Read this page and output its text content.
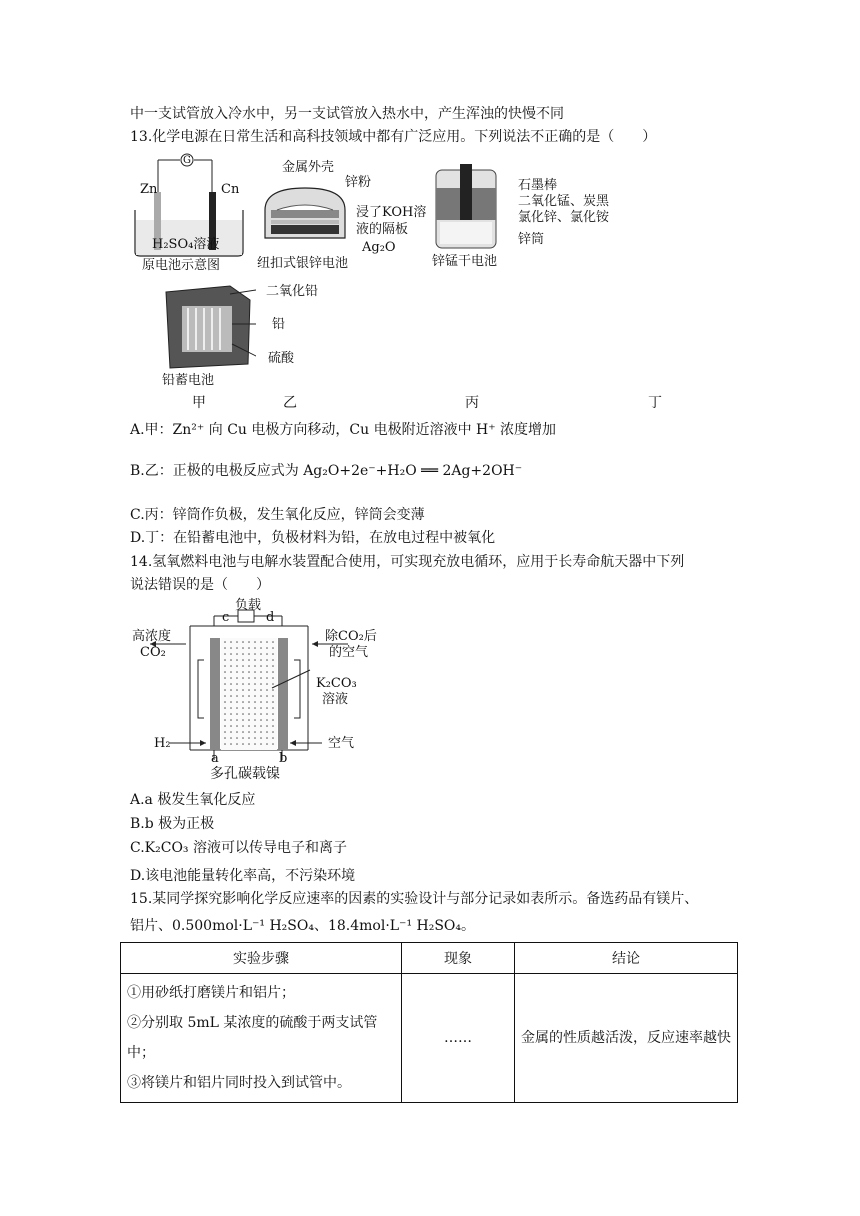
中一支试管放入冷水中，另一支试管放入热水中，产生浑浊的快慢不同
13.化学电源在日常生活和高科技领域中都有广泛应用。下列说法不正确的是（　　）
Zn	Cn
G
H₂SO₄溶液
原电池示意图
金属外壳
锌粉
浸了KOH溶
液的隔板
Ag₂O
纽扣式银锌电池
石墨棒
二氧化锰、炭黑
氯化锌、氯化铵
锌筒
锌锰干电池
二氧化铅
铅
硫酸
铅蓄电池
甲	乙	丙	丁
A.甲：Zn²⁺ 向 Cu 电极方向移动，Cu 电极附近溶液中 H⁺ 浓度增加
B.乙：正极的电极反应式为 Ag₂O+2e⁻+H₂O ══ 2Ag+2OH⁻
C.丙：锌筒作负极，发生氧化反应，锌筒会变薄
D.丁：在铅蓄电池中，负极材料为铅，在放电过程中被氧化
14.氢氧燃料电池与电解水装置配合使用，可实现充放电循环，应用于长寿命航天器中下列
说法错误的是（　　）
负载
c	d
高浓度
CO₂
除CO₂后
的空气
K₂CO₃
溶液
H₂	空气
a	b
多孔碳载镍
A.a 极发生氧化反应
B.b 极为正极
C.K₂CO₃ 溶液可以传导电子和离子
D.该电池能量转化率高，不污染环境
15.某同学探究影响化学反应速率的因素的实验设计与部分记录如表所示。备选药品有镁片、
铝片、0.500mol·L⁻¹ H₂SO₄、18.4mol·L⁻¹ H₂SO₄。
实验步骤	现象	结论

①用砂纸打磨镁片和铝片；
②分别取 5mL 某浓度的硫酸于两支试管
中；
③将镁片和铝片同时投入到试管中。	……	金属的性质越活泼，反应速率越快
